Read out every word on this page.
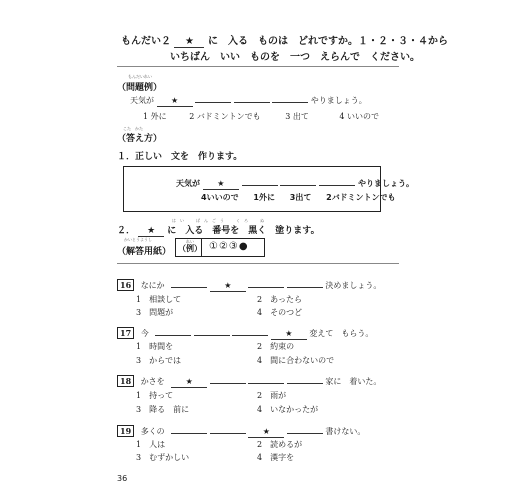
もんだい２ ★ に　入る　ものは　どれですか。１・２・３・４から
いちばん　いい　ものを　一つ　えらんで　ください。
もんだいれい
（問題例）
天気が ★	やりましょう。
1 外に	2 バドミントンでも	3 出て	4 いいので
こた　かた
（答え方）
１．正しい　文を　作ります。
天気が ★	やりましょう。
4いいので 1外に 3出て 2バドミントンでも
はい　ばんごう　くろ　ぬ
２． ★ に　入る　番号を　黒く　塗ります。
かいとうようし
（解答用紙）
れい
（例） ①②③●
16 なにか	★	決めましょう。
1　 相談して	2　 あったら
3　 問題が	4　 そのつど
17 今	★ 変えて　もらう。
1　 時間を	2　 約束の
3　 からでは	4　 間に合わないので
18 かさを	★	家に　着いた。
1　 持って	2　 雨が
3　 降る　前に	4　 いなかったが
19 多くの	★	書けない。
1　 人は	2　 読めるが
3　 むずかしい	4　 漢字を
36
